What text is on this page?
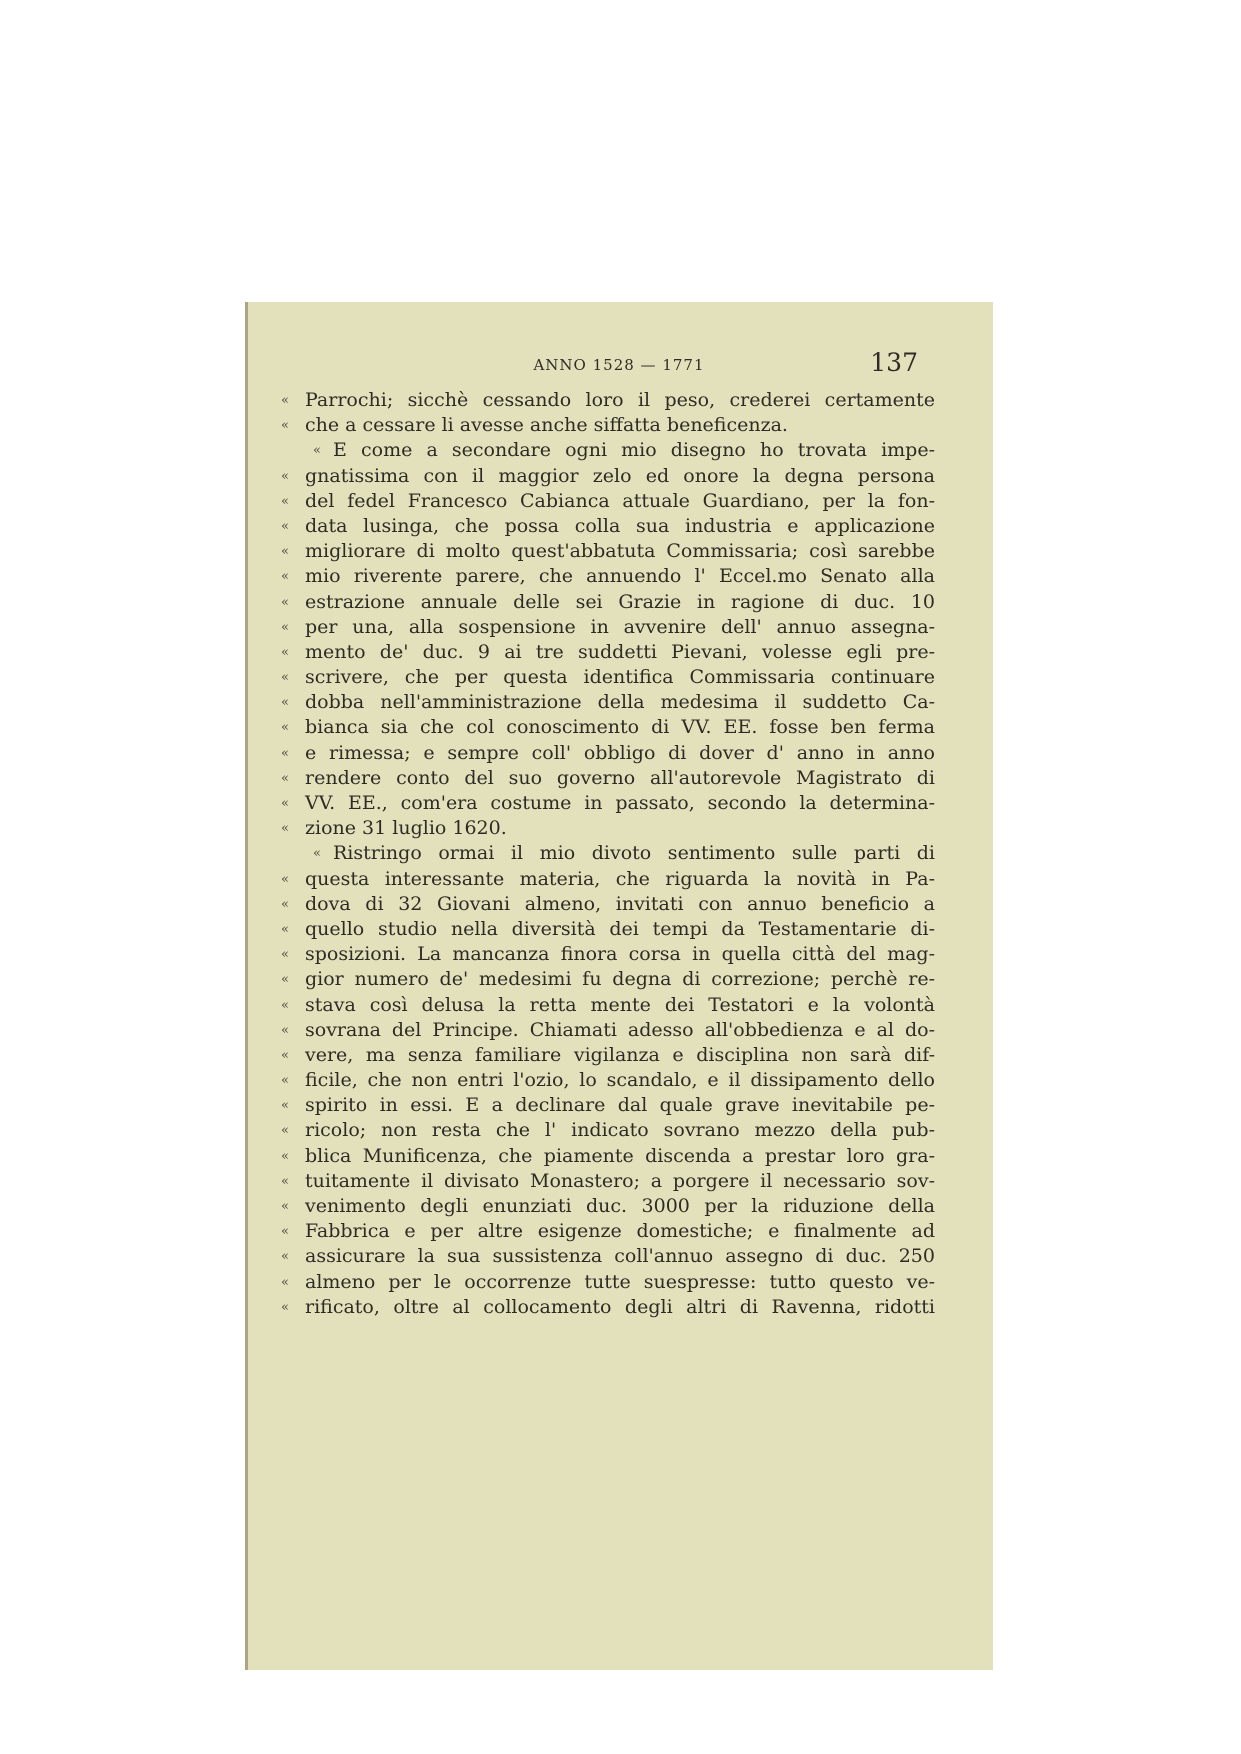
ANNO 1528 — 1771	137
« Parrochi; sicchè cessando loro il peso, crederei certamente
« che a cessare li avesse anche siffatta beneficenza.
« E come a secondare ogni mio disegno ho trovata impe-
« gnatissima con il maggior zelo ed onore la degna persona
« del fedel Francesco Cabianca attuale Guardiano, per la fon-
« data lusinga, che possa colla sua industria e applicazione
« migliorare di molto quest'abbatuta Commissaria; così sarebbe
« mio riverente parere, che annuendo l' Eccel.mo Senato alla
« estrazione annuale delle sei Grazie in ragione di duc. 10
« per una, alla sospensione in avvenire dell' annuo assegna-
« mento de' duc. 9 ai tre suddetti Pievani, volesse egli pre-
« scrivere, che per questa identifica Commissaria continuare
« dobba nell'amministrazione della medesima il suddetto Ca-
« bianca sia che col conoscimento di VV. EE. fosse ben ferma
« e rimessa; e sempre coll' obbligo di dover d' anno in anno
« rendere conto del suo governo all'autorevole Magistrato di
« VV. EE., com'era costume in passato, secondo la determina-
« zione 31 luglio 1620.
« Ristringo ormai il mio divoto sentimento sulle parti di
« questa interessante materia, che riguarda la novità in Pa-
« dova di 32 Giovani almeno, invitati con annuo beneficio a
« quello studio nella diversità dei tempi da Testamentarie di-
« sposizioni. La mancanza finora corsa in quella città del mag-
« gior numero de' medesimi fu degna di correzione; perchè re-
« stava così delusa la retta mente dei Testatori e la volontà
« sovrana del Principe. Chiamati adesso all'obbedienza e al do-
« vere, ma senza familiare vigilanza e disciplina non sarà dif-
« ficile, che non entri l'ozio, lo scandalo, e il dissipamento dello
« spirito in essi. E a declinare dal quale grave inevitabile pe-
« ricolo; non resta che l' indicato sovrano mezzo della pub-
« blica Munificenza, che piamente discenda a prestar loro gra-
« tuitamente il divisato Monastero; a porgere il necessario sov-
« venimento degli enunziati duc. 3000 per la riduzione della
« Fabbrica e per altre esigenze domestiche; e finalmente ad
« assicurare la sua sussistenza coll'annuo assegno di duc. 250
« almeno per le occorrenze tutte suespresse: tutto questo ve-
« rificato, oltre al collocamento degli altri di Ravenna, ridotti
